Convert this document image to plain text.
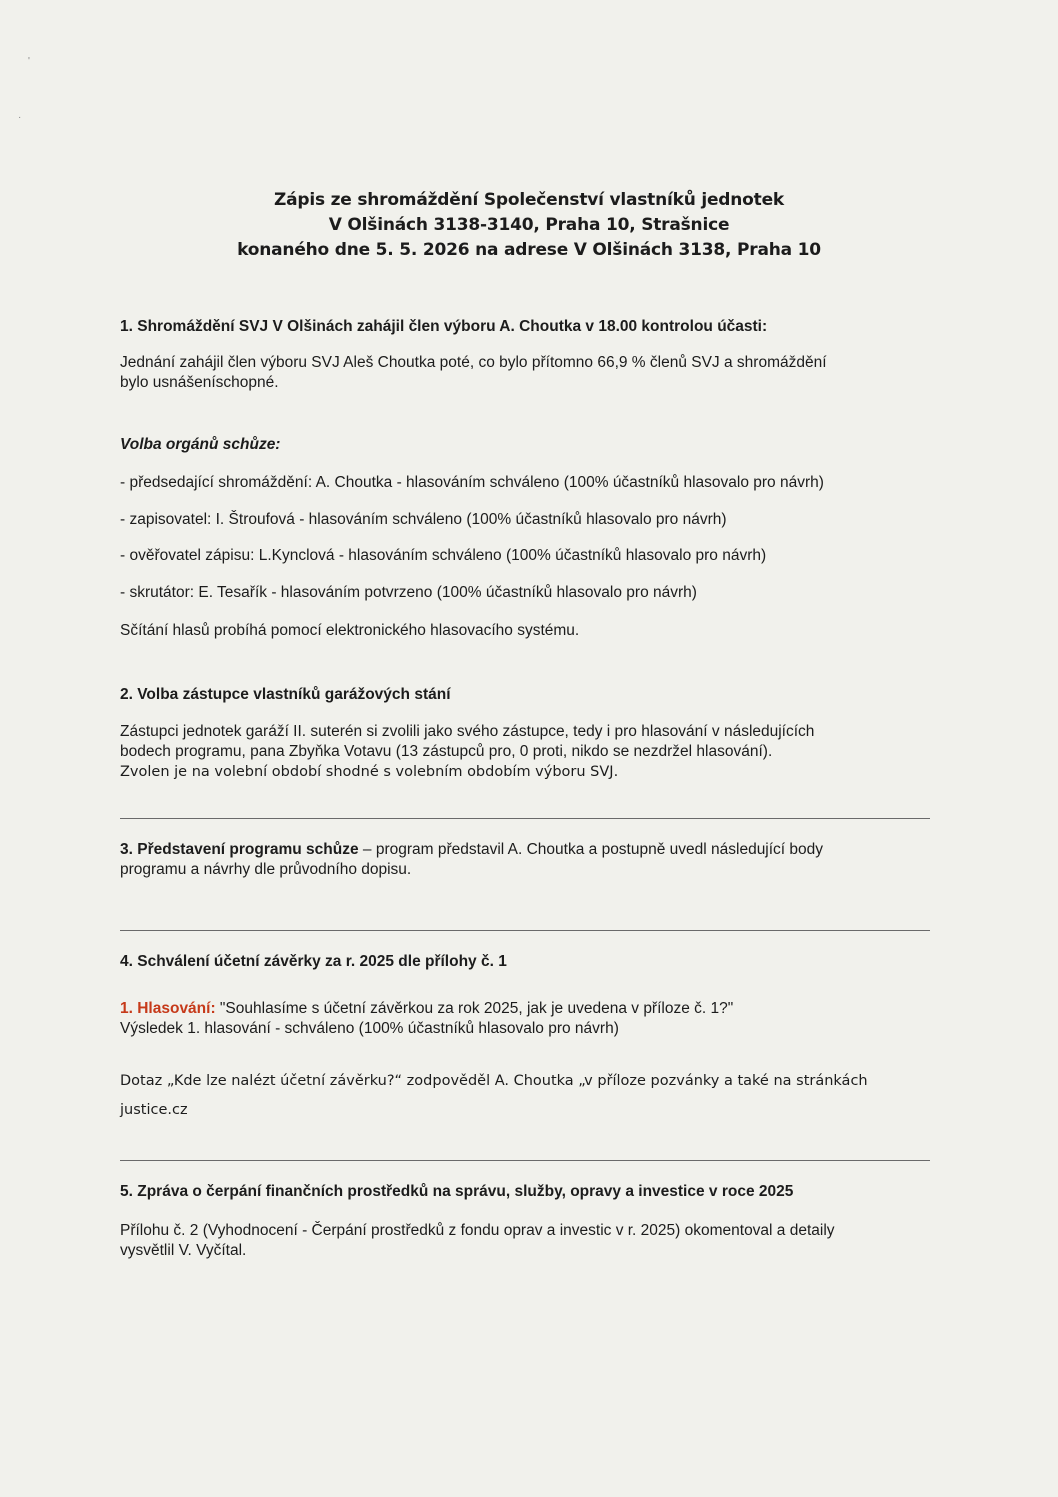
'
·
Zápis ze shromáždění Společenství vlastníků jednotek
V Olšinách 3138-3140, Praha 10, Strašnice
konaného dne 5. 5. 2026 na adrese V Olšinách 3138, Praha 10
1. Shromáždění SVJ V Olšinách zahájil člen výboru A. Choutka v 18.00 kontrolou účasti:
Jednání zahájil člen výboru SVJ Aleš Choutka poté, co bylo přítomno 66,9 % členů SVJ a shromáždění
bylo usnášeníschopné.
Volba orgánů schůze:
- předsedající shromáždění: A. Choutka - hlasováním schváleno (100% účastníků hlasovalo pro návrh)
- zapisovatel: I. Štroufová - hlasováním schváleno (100% účastníků hlasovalo pro návrh)
- ověřovatel zápisu: L.Kynclová - hlasováním schváleno (100% účastníků hlasovalo pro návrh)
- skrutátor: E. Tesařík - hlasováním potvrzeno (100% účastníků hlasovalo pro návrh)
Sčítání hlasů probíhá pomocí elektronického hlasovacího systému.
2. Volba zástupce vlastníků garážových stání
Zástupci jednotek garáží II. suterén si zvolili jako svého zástupce, tedy i pro hlasování v následujících
bodech programu, pana Zbyňka Votavu (13 zástupců pro, 0 proti, nikdo se nezdržel hlasování).
Zvolen je na volební období shodné s volebním obdobím výboru SVJ.
3. Představení programu schůze – program představil A. Choutka a postupně uvedl následující body
programu a návrhy dle průvodního dopisu.
4. Schválení účetní závěrky za r. 2025 dle přílohy č. 1
1. Hlasování: "Souhlasíme s účetní závěrkou za rok 2025, jak je uvedena v příloze č. 1?"
Výsledek 1. hlasování - schváleno (100% účastníků hlasovalo pro návrh)
Dotaz „Kde lze nalézt účetní závěrku?“ zodpověděl A. Choutka „v příloze pozvánky a také na stránkách
justice.cz
5. Zpráva o čerpání finančních prostředků na správu, služby, opravy a investice v roce 2025
Přílohu č. 2 (Vyhodnocení - Čerpání prostředků z fondu oprav a investic v r. 2025) okomentoval a detaily
vysvětlil V. Vyčítal.
